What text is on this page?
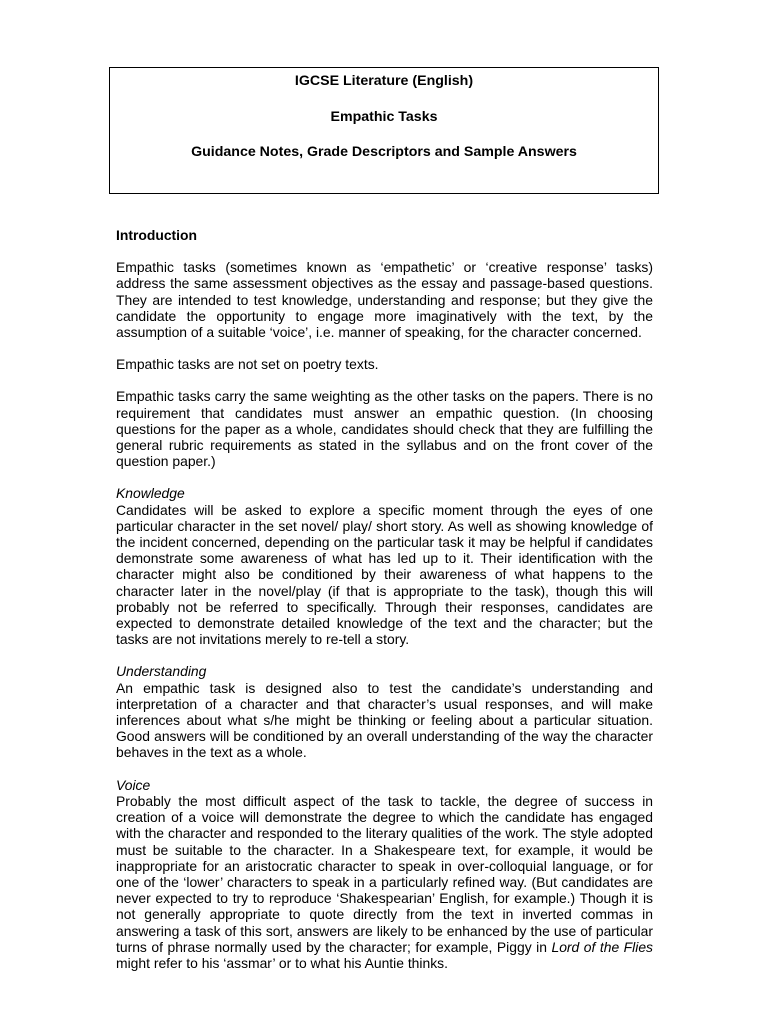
IGCSE Literature (English)
Empathic Tasks
Guidance Notes, Grade Descriptors and Sample Answers
Introduction

Empathic tasks (sometimes known as ‘empathetic’ or ‘creative response’ tasks) address the same assessment objectives as the essay and passage-based questions. They are intended to test knowledge, understanding and response; but they give the candidate the opportunity to engage more imaginatively with the text, by the assumption of a suitable ‘voice’, i.e. manner of speaking, for the character concerned.

Empathic tasks are not set on poetry texts.

Empathic tasks carry the same weighting as the other tasks on the papers. There is no requirement that candidates must answer an empathic question. (In choosing questions for the paper as a whole, candidates should check that they are fulfilling the general rubric requirements as stated in the syllabus and on the front cover of the question paper.)

Knowledge

Candidates will be asked to explore a specific moment through the eyes of one particular character in the set novel/ play/ short story. As well as showing knowledge of the incident concerned, depending on the particular task it may be helpful if candidates demonstrate some awareness of what has led up to it. Their identification with the character might also be conditioned by their awareness of what happens to the character later in the novel/play (if that is appropriate to the task), though this will probably not be referred to specifically. Through their responses, candidates are expected to demonstrate detailed knowledge of the text and the character; but the tasks are not invitations merely to re-tell a story.

Understanding

An empathic task is designed also to test the candidate’s understanding and interpretation of a character and that character’s usual responses, and will make inferences about what s/he might be thinking or feeling about a particular situation. Good answers will be conditioned by an overall understanding of the way the character behaves in the text as a whole.

Voice

Probably the most difficult aspect of the task to tackle, the degree of success in creation of a voice will demonstrate the degree to which the candidate has engaged with the character and responded to the literary qualities of the work. The style adopted must be suitable to the character. In a Shakespeare text, for example, it would be inappropriate for an aristocratic character to speak in over-colloquial language, or for one of the ‘lower’ characters to speak in a particularly refined way. (But candidates are never expected to try to reproduce ‘Shakespearian’ English, for example.) Though it is not generally appropriate to quote directly from the text in inverted commas in answering a task of this sort, answers are likely to be enhanced by the use of particular turns of phrase normally used by the character; for example, Piggy in Lord of the Flies might refer to his ‘assmar’ or to what his Auntie thinks.
